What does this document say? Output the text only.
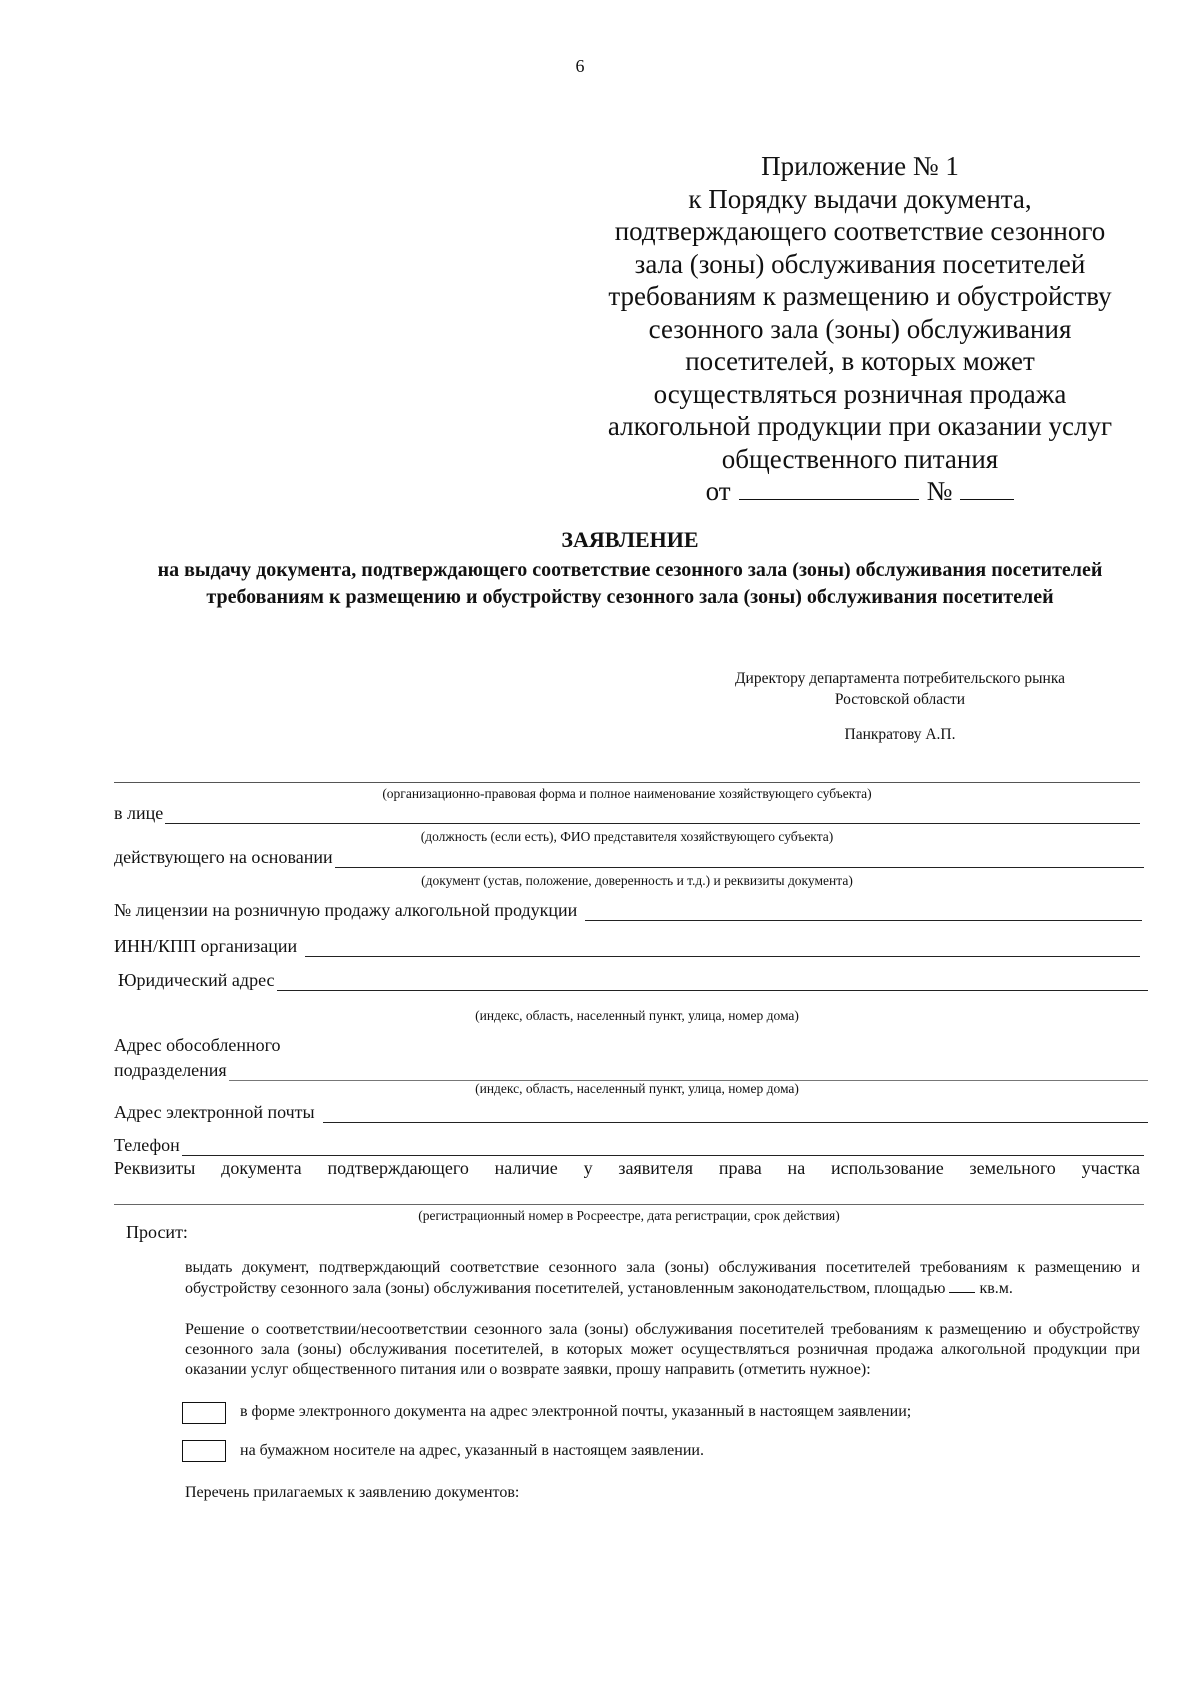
6
Приложение № 1
к Порядку выдачи документа,
подтверждающего соответствие сезонного
зала (зоны) обслуживания посетителей
требованиям к размещению и обустройству
сезонного зала (зоны) обслуживания
посетителей, в которых может
осуществляться розничная продажа
алкогольной продукции при оказании услуг
общественного питания
от	№
ЗАЯВЛЕНИЕ
на выдачу документа, подтверждающего соответствие сезонного зала (зоны) обслуживания посетителей требованиям к размещению и обустройству сезонного зала (зоны) обслуживания посетителей
Директору департамента потребительского рынка
Ростовской области
Панкратову А.П.
(организационно-правовая форма и полное наименование хозяйствующего субъекта)
в лице
(должность (если есть), ФИО представителя хозяйствующего субъекта)
действующего на основании
(документ (устав, положение, доверенность и т.д.) и реквизиты документа)
№ лицензии на розничную продажу алкогольной продукции
ИНН/КПП организации
Юридический адрес
(индекс, область, населенный пункт, улица, номер дома)
Адрес обособленного
подразделения
(индекс, область, населенный пункт, улица, номер дома)
Адрес электронной почты
Телефон
Реквизиты документа подтверждающего наличие у заявителя права на использование земельного участка
(регистрационный номер в Росреестре, дата регистрации, срок действия)
Просит:
выдать документ, подтверждающий соответствие сезонного зала (зоны) обслуживания посетителей требованиям к размещению и обустройству сезонного зала (зоны) обслуживания посетителей, установленным законодательством, площадью кв.м.
Решение о соответствии/несоответствии сезонного зала (зоны) обслуживания посетителей требованиям к размещению и обустройству сезонного зала (зоны) обслуживания посетителей, в которых может осуществляться розничная продажа алкогольной продукции при оказании услуг общественного питания или о возврате заявки, прошу направить (отметить нужное):
в форме электронного документа на адрес электронной почты, указанный в настоящем заявлении;
на бумажном носителе на адрес, указанный в настоящем заявлении.
Перечень прилагаемых к заявлению документов:
